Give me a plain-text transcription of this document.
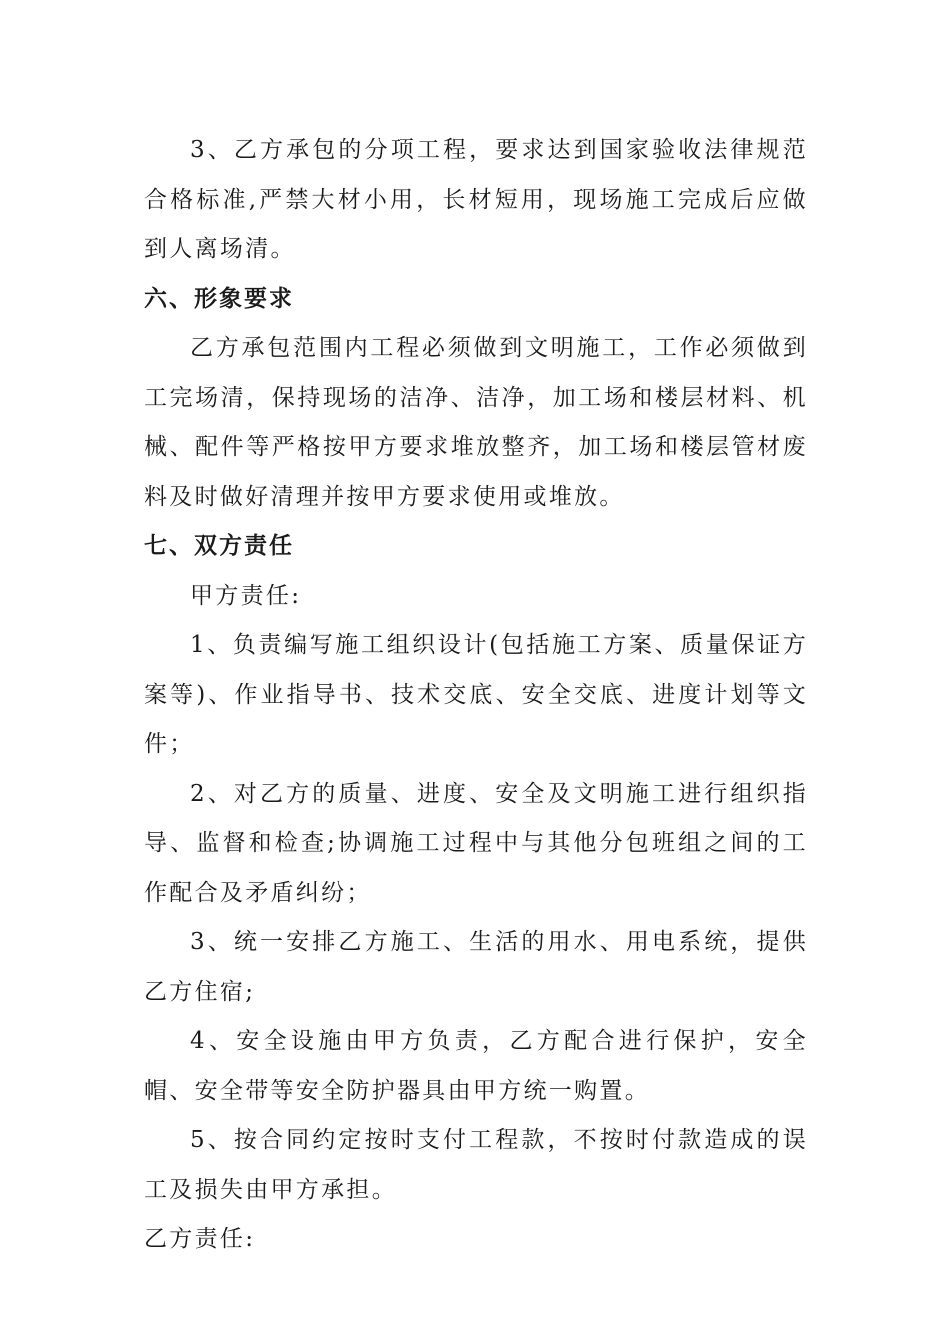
3、乙方承包的分项工程，要求达到国家验收法律规范合格标准,严禁大材小用，长材短用，现场施工完成后应做到人离场清。

六、形象要求

乙方承包范围内工程必须做到文明施工，工作必须做到工完场清，保持现场的洁净、洁净，加工场和楼层材料、机械、配件等严格按甲方要求堆放整齐，加工场和楼层管材废料及时做好清理并按甲方要求使用或堆放。

七、双方责任

甲方责任:

1、负责编写施工组织设计(包括施工方案、质量保证方案等)、作业指导书、技术交底、安全交底、进度计划等文件；

2、对乙方的质量、进度、安全及文明施工进行组织指导、监督和检查;协调施工过程中与其他分包班组之间的工作配合及矛盾纠纷；

3、统一安排乙方施工、生活的用水、用电系统，提供乙方住宿;

4、安全设施由甲方负责，乙方配合进行保护，安全帽、安全带等安全防护器具由甲方统一购置。

5、按合同约定按时支付工程款，不按时付款造成的误工及损失由甲方承担。

乙方责任:
